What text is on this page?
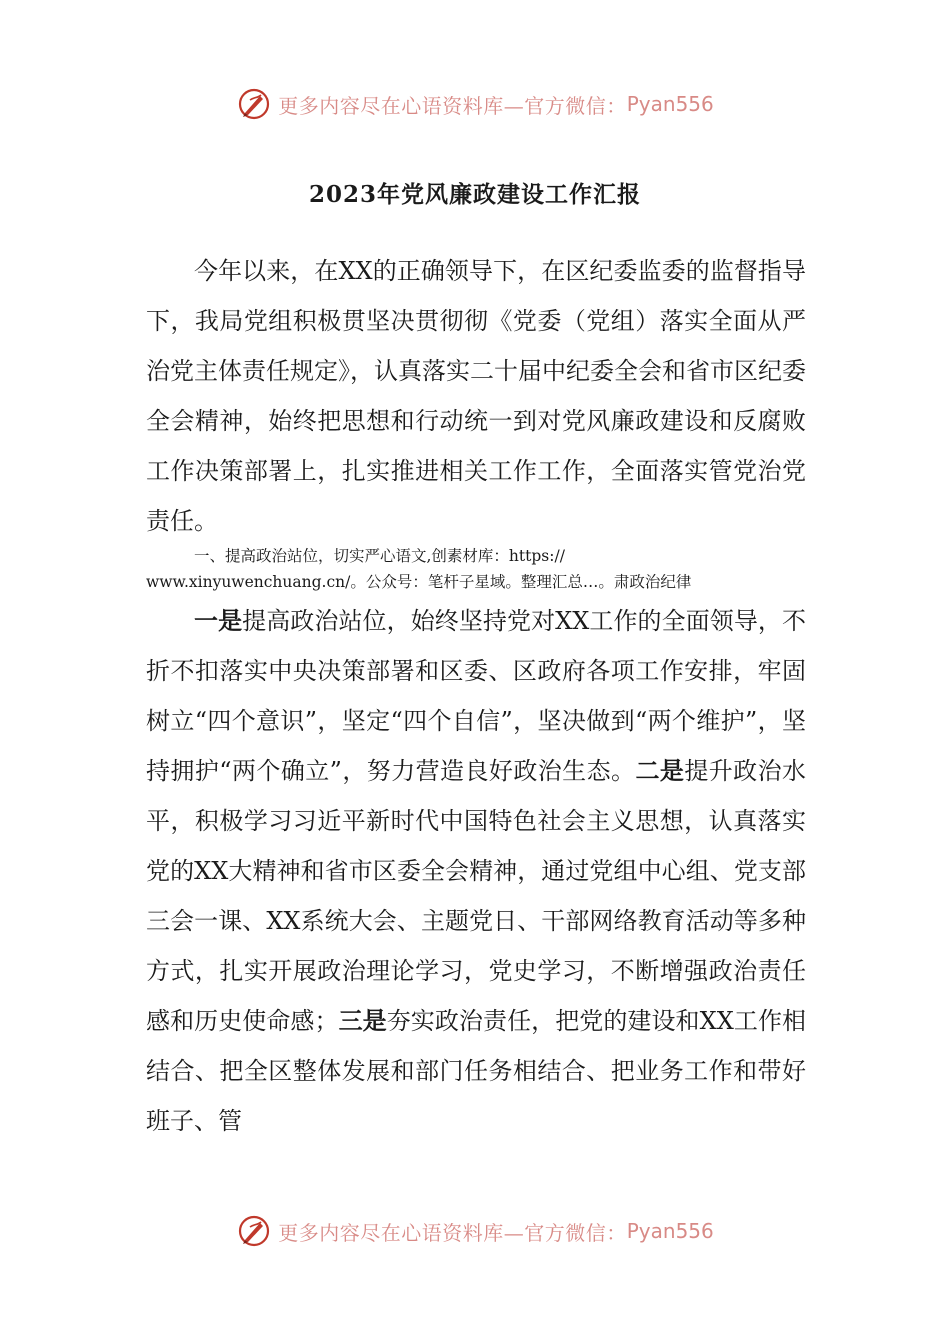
更多内容尽在心语资料库—官方微信： Pyan556
2023年党风廉政建设工作汇报
今年以来，在XX的正确领导下，在区纪委监委的监督指导下，我局党组积极贯坚决贯彻彻《党委（党组）落实全面从严治党主体责任规定》，认真落实二十届中纪委全会和省市区纪委全会精神，始终把思想和行动统一到对党风廉政建设和反腐败工作决策部署上，扎实推进相关工作工作，全面落实管党治党责任。
一、提高政治站位，切实严心语文,创素材库：https://
www.xinyuwenchuang.cn/。公众号：笔杆子星域。整理汇总…。肃政治纪律
一是提高政治站位，始终坚持党对XX工作的全面领导，不折不扣落实中央决策部署和区委、区政府各项工作安排，牢固树立“四个意识”，坚定“四个自信”，坚决做到“两个维护”，坚持拥护“两个确立”，努力营造良好政治生态。二是提升政治水平，积极学习习近平新时代中国特色社会主义思想，认真落实党的XX大精神和省市区委全会精神，通过党组中心组、党支部三会一课、XX系统大会、主题党日、干部网络教育活动等多种方式，扎实开展政治理论学习，党史学习，不断增强政治责任感和历史使命感；三是夯实政治责任，把党的建设和XX工作相结合、把全区整体发展和部门任务相结合、把业务工作和带好班子、管
更多内容尽在心语资料库—官方微信： Pyan556
